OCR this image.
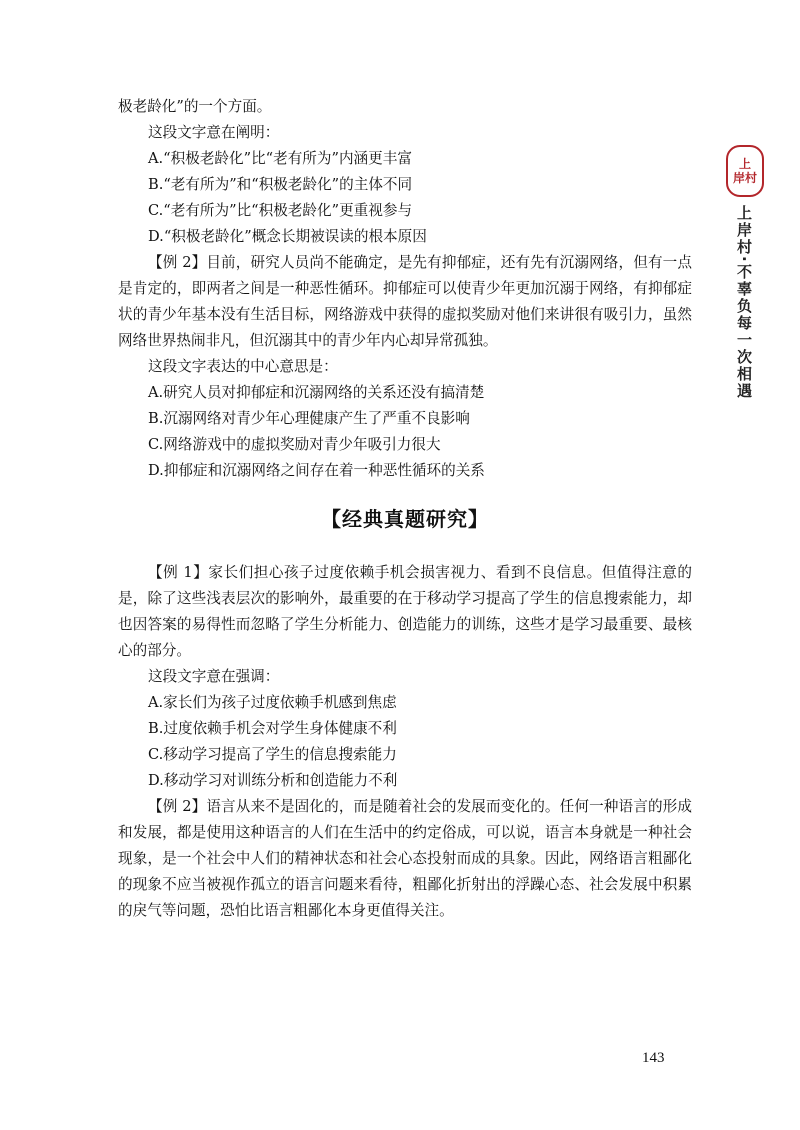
极老龄化”的一个方面。

这段文字意在阐明：

A.“积极老龄化”比“老有所为”内涵更丰富

B.“老有所为”和“积极老龄化”的主体不同

C.“老有所为”比“积极老龄化”更重视参与

D.“积极老龄化”概念长期被误读的根本原因

【例 2】目前，研究人员尚不能确定，是先有抑郁症，还有先有沉溺网络，但有一点是肯定的，即两者之间是一种恶性循环。抑郁症可以使青少年更加沉溺于网络，有抑郁症状的青少年基本没有生活目标，网络游戏中获得的虚拟奖励对他们来讲很有吸引力，虽然网络世界热闹非凡，但沉溺其中的青少年内心却异常孤独。

这段文字表达的中心意思是：

A.研究人员对抑郁症和沉溺网络的关系还没有搞清楚

B.沉溺网络对青少年心理健康产生了严重不良影响

C.网络游戏中的虚拟奖励对青少年吸引力很大

D.抑郁症和沉溺网络之间存在着一种恶性循环的关系

【经典真题研究】

【例 1】家长们担心孩子过度依赖手机会损害视力、看到不良信息。但值得注意的是，除了这些浅表层次的影响外，最重要的在于移动学习提高了学生的信息搜索能力，却也因答案的易得性而忽略了学生分析能力、创造能力的训练，这些才是学习最重要、最核心的部分。

这段文字意在强调：

A.家长们为孩子过度依赖手机感到焦虑

B.过度依赖手机会对学生身体健康不利

C.移动学习提高了学生的信息搜索能力

D.移动学习对训练分析和创造能力不利

【例 2】语言从来不是固化的，而是随着社会的发展而变化的。任何一种语言的形成和发展，都是使用这种语言的人们在生活中的约定俗成，可以说，语言本身就是一种社会现象，是一个社会中人们的精神状态和社会心态投射而成的具象。因此，网络语言粗鄙化的现象不应当被视作孤立的语言问题来看待，粗鄙化折射出的浮躁心态、社会发展中积累的戾气等问题，恐怕比语言粗鄙化本身更值得关注。

上
岸村
上岸村·不辜负每一次相遇
143
